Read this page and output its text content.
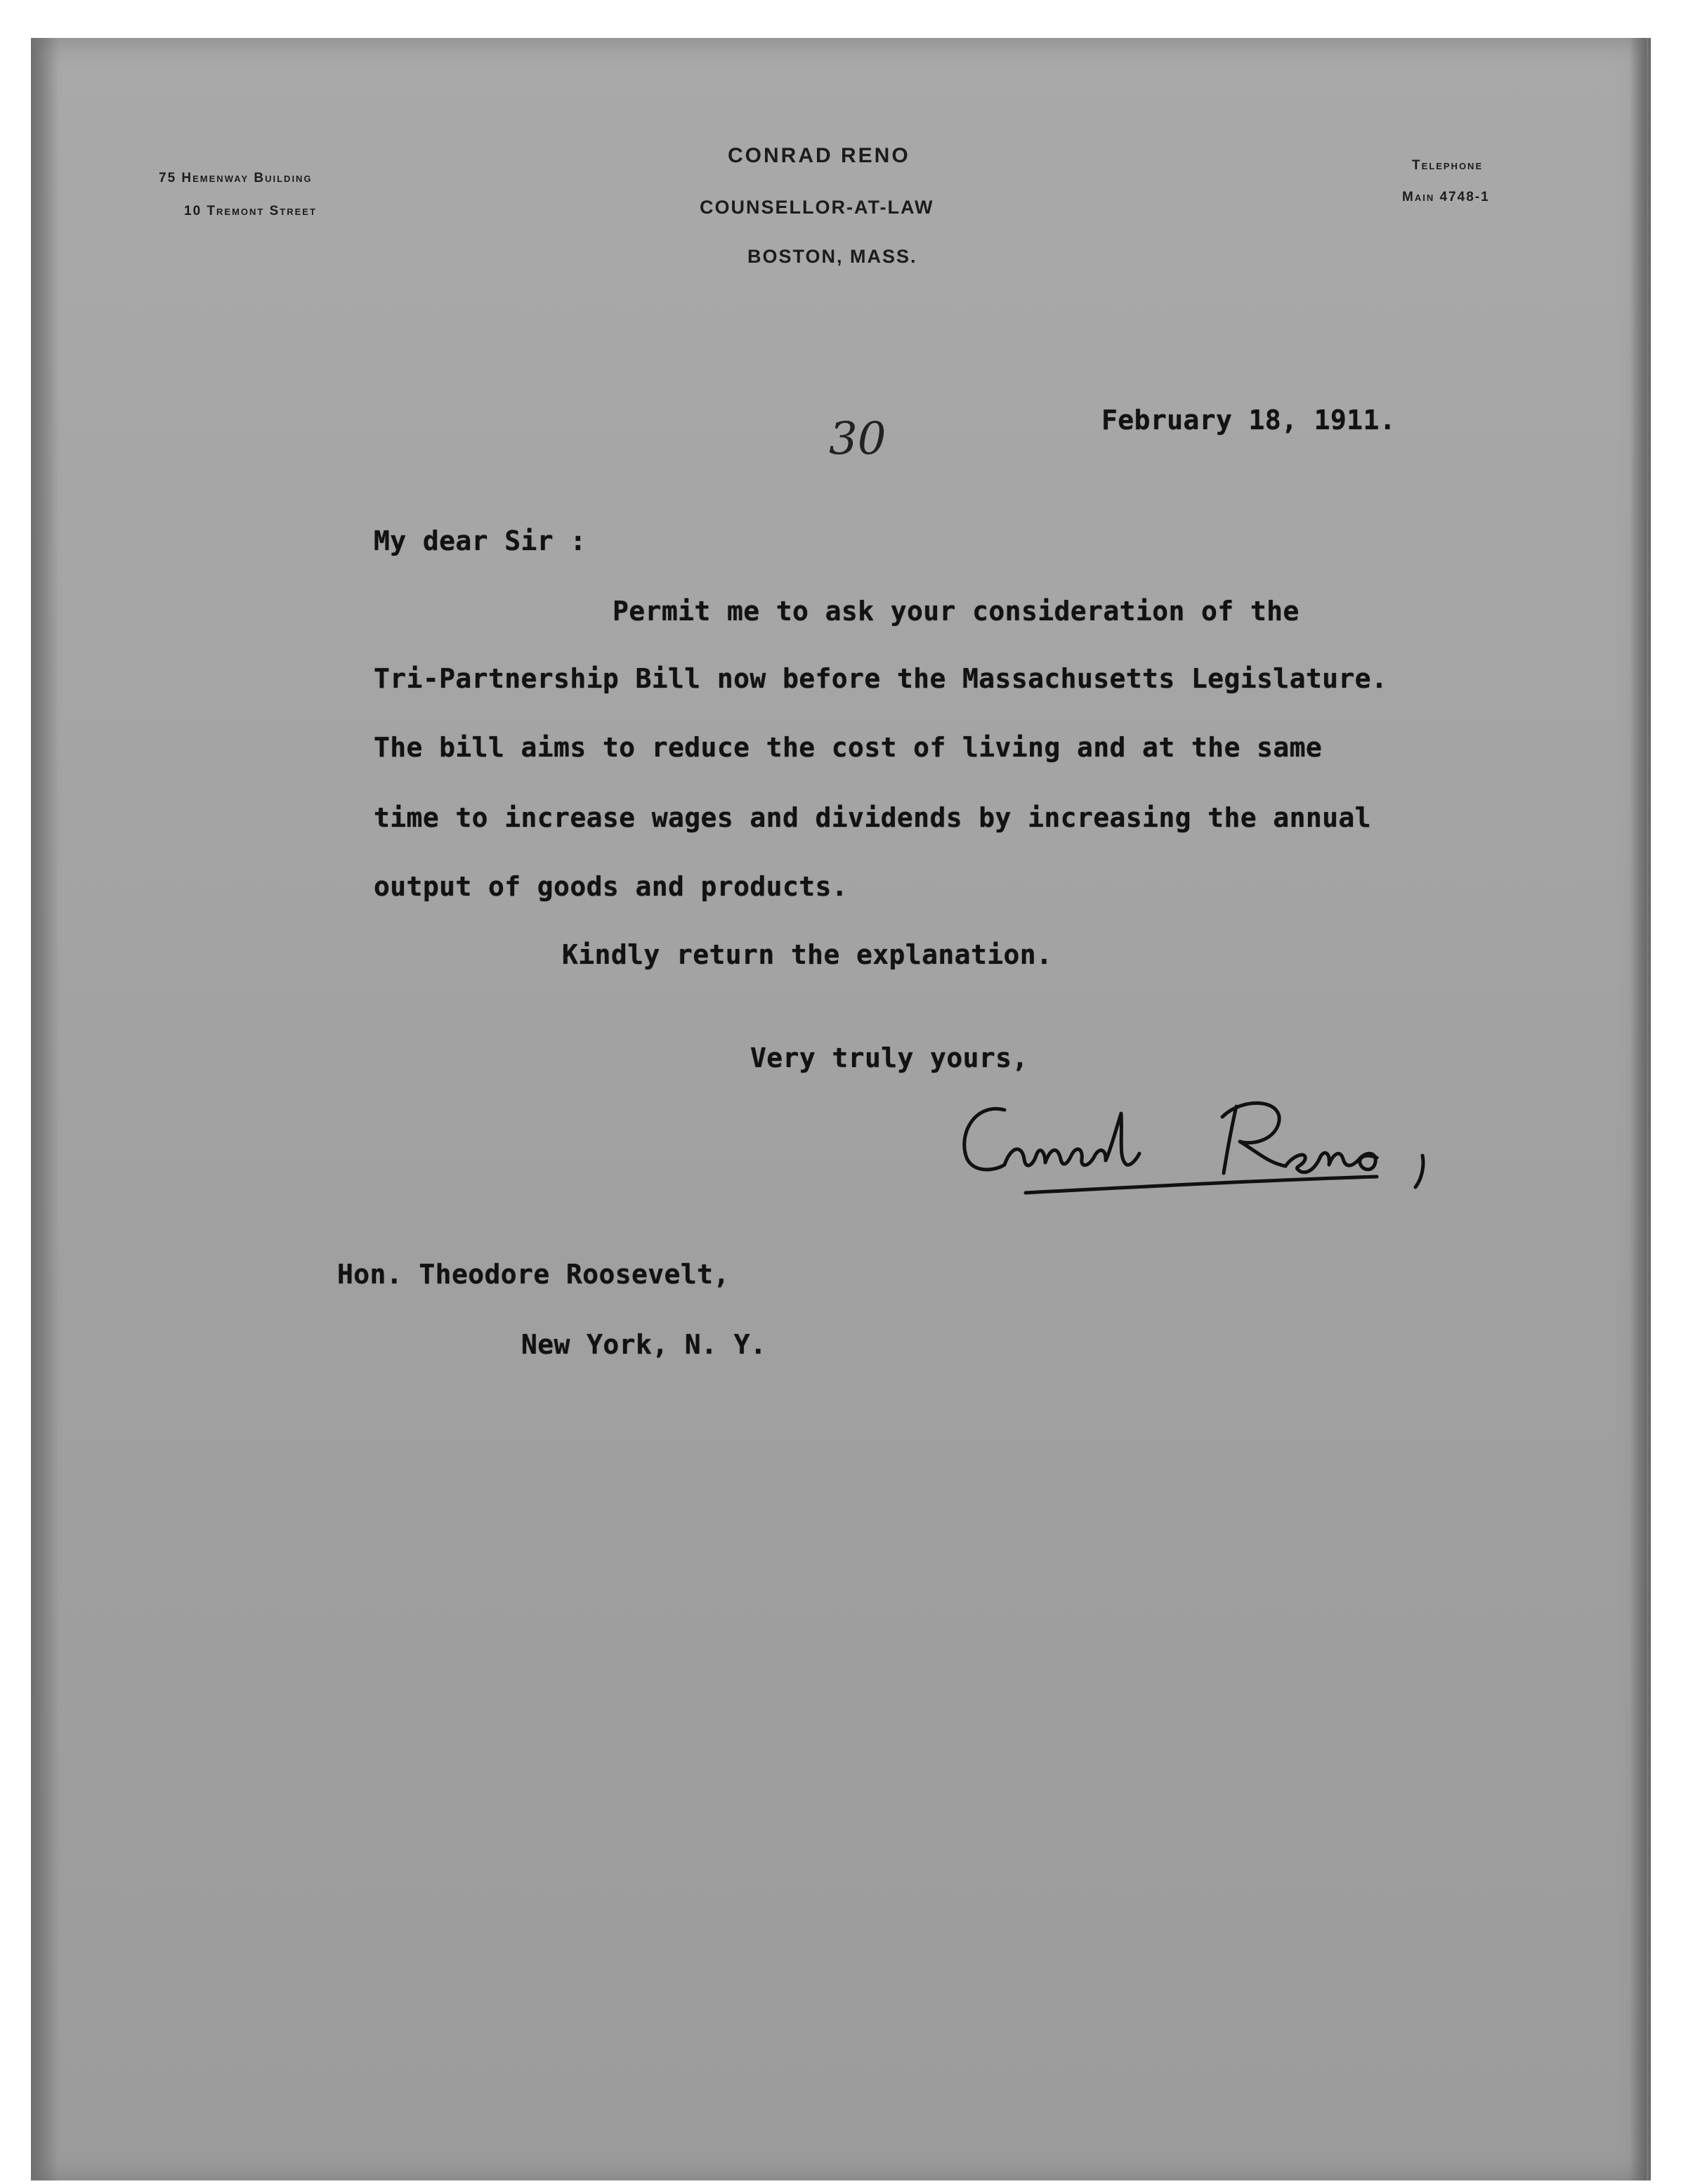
75 Hemenway Building
10 Tremont Street
CONRAD RENO
COUNSELLOR-AT-LAW
BOSTON, MASS.
Telephone
Main 4748-1
30	February 18, 1911.
My dear Sir :
Permit me to ask your consideration of the
Tri-Partnership Bill now before the Massachusetts Legislature.
The bill aims to reduce the cost of living and at the same
time to increase wages and dividends by increasing the annual
output of goods and products.
Kindly return the explanation.
Very truly yours,
Hon. Theodore Roosevelt,
New York, N. Y.
